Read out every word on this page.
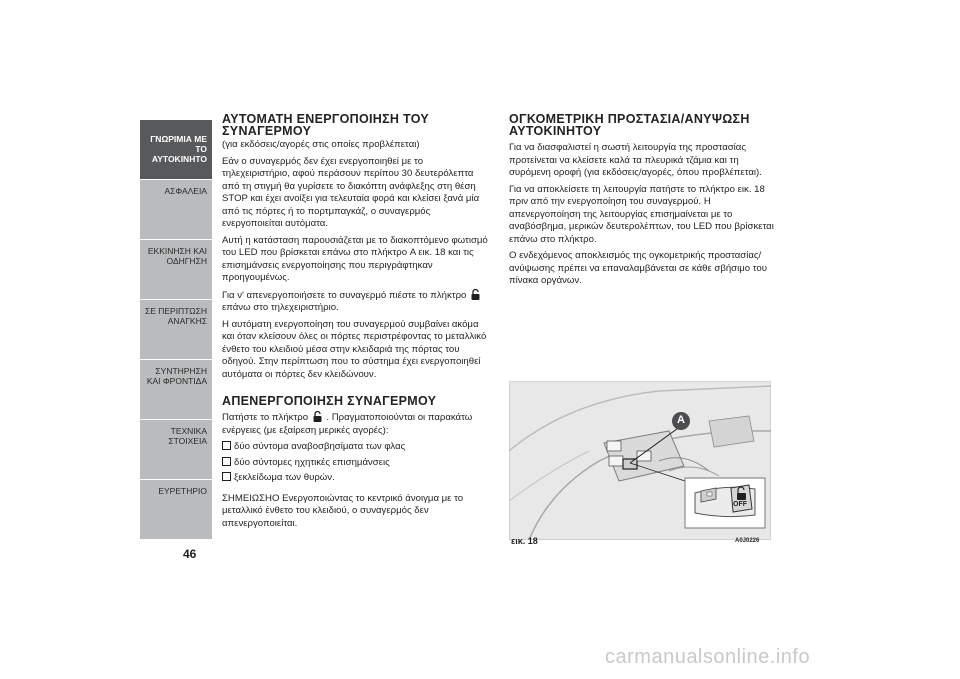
ΓΝΩΡΙΜΙΑ ΜΕ ΤΟ ΑΥΤΟΚΙΝΗΤΟ
ΑΣΦΑΛΕΙΑ
ΕΚΚΙΝΗΣΗ ΚΑΙ ΟΔΗΓΗΣΗ
ΣΕ ΠΕΡΙΠΤΩΣΗ ΑΝΑΓΚΗΣ
ΣΥΝΤΗΡΗΣΗ ΚΑΙ ΦΡΟΝΤΙΔΑ
ΤΕΧΝΙΚΑ ΣΤΟΙΧΕΙΑ
ΕΥΡΕΤΗΡΙΟ
46
ΑΥΤΟΜΑΤΗ ΕΝΕΡΓΟΠΟΙΗΣΗ ΤΟΥ ΣΥΝΑΓΕΡΜΟΥ

(για εκδόσεις/αγορές στις οποίες προβλέπεται)

Εάν ο συναγερμός δεν έχει ενεργοποιηθεί με το τηλεχειριστήριο, αφού περάσουν περίπου 30 δευτερόλεπτα από τη στιγμή θα γυρίσετε το διακόπτη ανάφλεξης στη θέση STOP και έχει ανοίξει για τελευταία φορά και κλείσει ξανά μία από τις πόρτες ή το πορτμπαγκάζ, ο συναγερμός ενεργοποιείται αυτόματα.

Αυτή η κατάσταση παρουσιάζεται με το διακοπτόμενο φωτισμό του LED που βρίσκεται επάνω στο πλήκτρο A εικ. 18 και τις επισημάνσεις ενεργοποίησης που περιγράφτηκαν προηγουμένως.

Για ν' απενεργοποιήσετε το συναγερμό πιέστε το πλήκτρο  επάνω στο τηλεχειριστήριο.

Η αυτόματη ενεργοποίηση του συναγερμού συμβαίνει ακόμα και όταν κλείσουν όλες οι πόρτες περιστρέφοντας το μεταλλικό ένθετο του κλειδιού μέσα στην κλειδαριά της πόρτας του οδηγού. Στην περίπτωση που το σύστημα έχει ενεργοποιηθεί αυτόματα οι πόρτες δεν κλειδώνουν.

ΑΠΕΝΕΡΓΟΠΟΙΗΣΗ ΣΥΝΑΓΕΡΜΟΥ

Πατήστε το πλήκτρο . Πραγματοποιούνται οι παρακάτω ενέργειες (με εξαίρεση μερικές αγορές):

δύο σύντομα αναβοσβησίματα των φλας
δύο σύντομες ηχητικές επισημάνσεις
ξεκλείδωμα των θυρών.

ΣΗΜΕΙΩΣΗΟ Ενεργοποιώντας το κεντρικό άνοιγμα με το μεταλλικό ένθετο του κλειδιού, ο συναγερμός δεν απενεργοποιείται.

ΟΓΚΟΜΕΤΡΙΚΗ ΠΡΟΣΤΑΣΙΑ/ΑΝΥΨΩΣΗ ΑΥΤΟΚΙΝΗΤΟΥ

Για να διασφαλιστεί η σωστή λειτουργία της προστασίας προτείνεται να κλείσετε καλά τα πλευρικά τζάμια και τη συρόμενη οροφή (για εκδόσεις/αγορές, όπου προβλέπεται).

Για να αποκλείσετε τη λειτουργία πατήστε το πλήκτρο εικ. 18 πριν από την ενεργοποίηση του συναγερμού. Η απενεργοποίηση της λειτουργίας επισημαίνεται με το αναβόσβημα, μερικών δευτερολέπτων, του LED που βρίσκεται επάνω στο πλήκτρο.

Ο ενδεχόμενος αποκλεισμός της ογκομετρικής προστασίας/ ανύψωσης πρέπει να επαναλαμβάνεται σε κάθε σβήσιμο του πίνακα οργάνων.

A
OFF
εικ. 18	A0J0226
carmanualsonline.info
